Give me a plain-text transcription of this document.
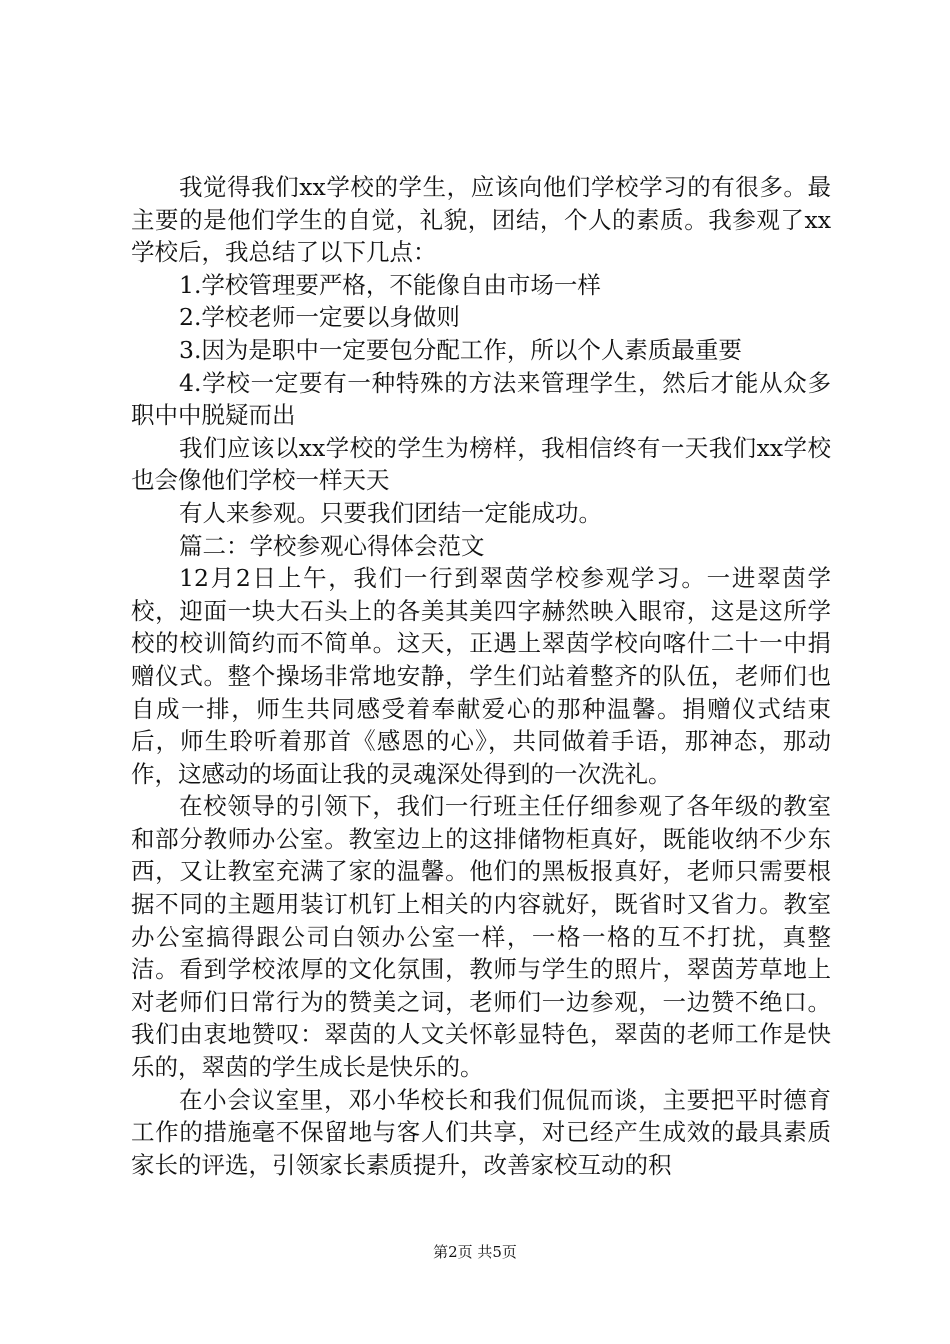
我觉得我们xx学校的学生，应该向他们学校学习的有很多。最主要的是他们学生的自觉，礼貌，团结，个人的素质。我参观了xx学校后，我总结了以下几点：

1.学校管理要严格，不能像自由市场一样

2.学校老师一定要以身做则

3.因为是职中一定要包分配工作，所以个人素质最重要

4.学校一定要有一种特殊的方法来管理学生，然后才能从众多职中中脱疑而出

我们应该以xx学校的学生为榜样，我相信终有一天我们xx学校也会像他们学校一样天天

有人来参观。只要我们团结一定能成功。

篇二：学校参观心得体会范文

12月2日上午，我们一行到翠茵学校参观学习。一进翠茵学校，迎面一块大石头上的各美其美四字赫然映入眼帘，这是这所学校的校训简约而不简单。这天，正遇上翠茵学校向喀什二十一中捐赠仪式。整个操场非常地安静，学生们站着整齐的队伍，老师们也自成一排，师生共同感受着奉献爱心的那种温馨。捐赠仪式结束后，师生聆听着那首《感恩的心》，共同做着手语，那神态，那动作，这感动的场面让我的灵魂深处得到的一次洗礼。

在校领导的引领下，我们一行班主任仔细参观了各年级的教室和部分教师办公室。教室边上的这排储物柜真好，既能收纳不少东西，又让教室充满了家的温馨。他们的黑板报真好，老师只需要根据不同的主题用装订机钉上相关的内容就好，既省时又省力。教室办公室搞得跟公司白领办公室一样，一格一格的互不打扰，真整洁。看到学校浓厚的文化氛围，教师与学生的照片，翠茵芳草地上对老师们日常行为的赞美之词，老师们一边参观，一边赞不绝口。我们由衷地赞叹：翠茵的人文关怀彰显特色，翠茵的老师工作是快乐的，翠茵的学生成长是快乐的。

在小会议室里，邓小华校长和我们侃侃而谈，主要把平时德育工作的措施毫不保留地与客人们共享，对已经产生成效的最具素质家长的评选，引领家长素质提升，改善家校互动的积

第2页 共5页
